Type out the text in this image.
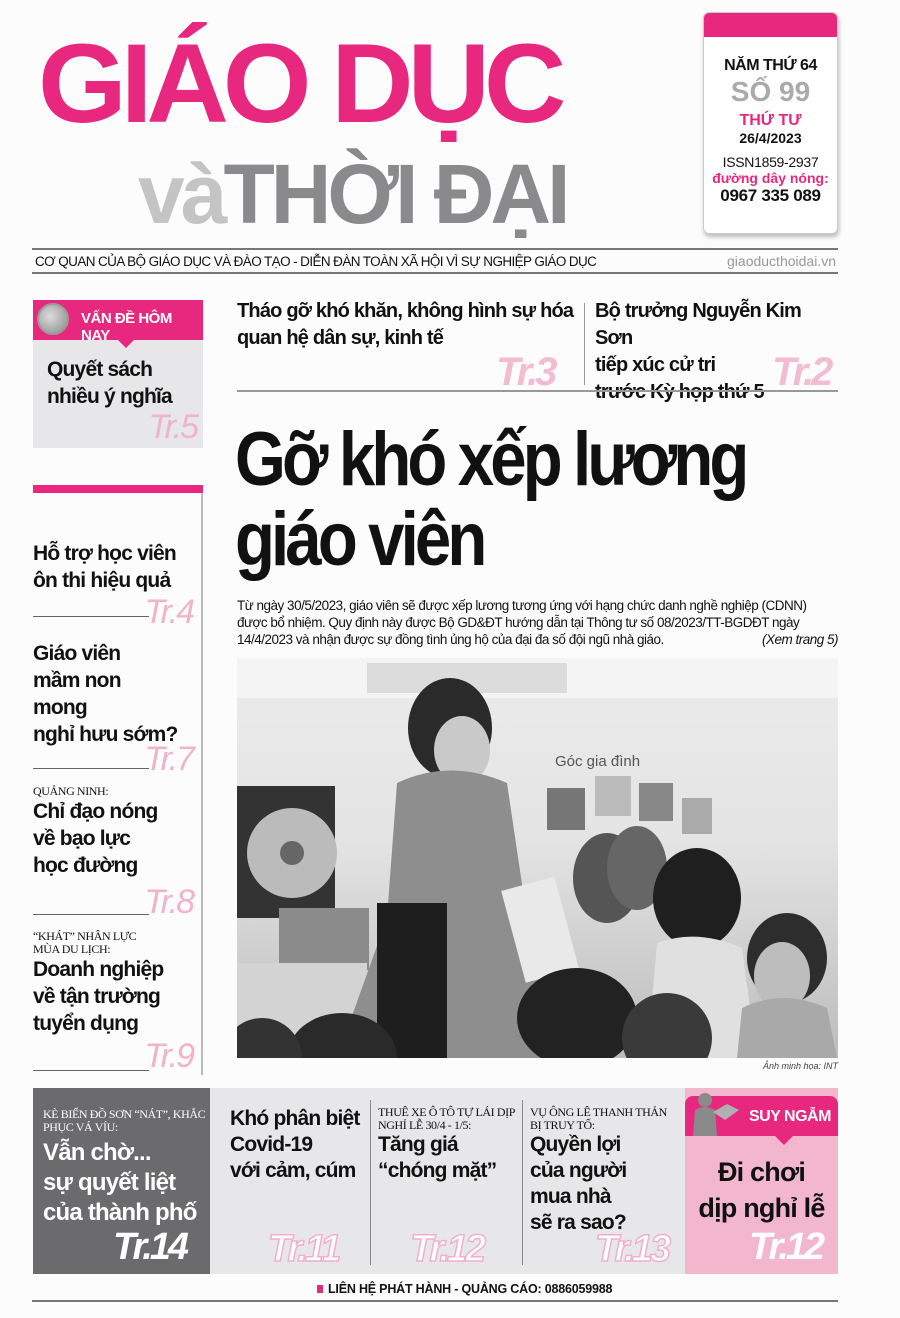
GIÁO DỤC
vàTHỜI ĐẠI
NĂM THỨ 64
SỐ 99
THỨ TƯ
26/4/2023
ISSN1859-2937
đường dây nóng:
0967 335 089
CƠ QUAN CỦA BỘ GIÁO DỤC VÀ ĐÀO TẠO - DIỄN ĐÀN TOÀN XÃ HỘI VÌ SỰ NGHIỆP GIÁO DỤC	giaoducthoidai.vn
VẤN ĐỀ HÔM NAY
Quyết sách
nhiều ý nghĩa
Tr.5
Tháo gỡ khó khăn, không hình sự hóa
quan hệ dân sự, kinh tế
Tr.3
Bộ trưởng Nguyễn Kim Sơn
tiếp xúc cử tri
trước Kỳ họp thứ 5 Tr.2
Gỡ khó xếp lương
giáo viên
Từ ngày 30/5/2023, giáo viên sẽ được xếp lương tương ứng với hạng chức danh nghề nghiệp (CDNN) được bổ nhiệm. Quy định này được Bộ GD&ĐT hướng dẫn tại Thông tư số 08/2023/TT-BGDĐT ngày 14/4/2023 và nhận được sự đồng tình ủng hộ của đại đa số đội ngũ nhà giáo.	(Xem trang 5)
Góc gia đình
Ảnh minh họa: INT
Hỗ trợ học viên
ôn thi hiệu quả
Tr.4
Giáo viên
mầm non
mong
nghỉ hưu sớm?
Tr.7
QUẢNG NINH:
Chỉ đạo nóng
về bạo lực
học đường
Tr.8
“KHÁT” NHÂN LỰC MÙA DU LỊCH:
Doanh nghiệp
về tận trường
tuyển dụng
Tr.9
KÈ BIỂN ĐỒ SƠN “NÁT”, KHẮC PHỤC VÁ VÍU:
Vẫn chờ...
sự quyết liệt
của thành phố
Tr.14
Khó phân biệt
Covid-19
với cảm, cúm
Tr.11
THUÊ XE Ô TÔ TỰ LÁI DỊP NGHỈ LỄ 30/4 - 1/5:
Tăng giá
“chóng mặt”
Tr.12
VỤ ÔNG LÊ THANH THẢN BỊ TRUY TỐ:
Quyền lợi
của người
mua nhà
sẽ ra sao?
Tr.13
SUY NGẪM
Đi chơi
dịp nghỉ lễ
Tr.12
LIÊN HỆ PHÁT HÀNH - QUẢNG CÁO: 0886059988
